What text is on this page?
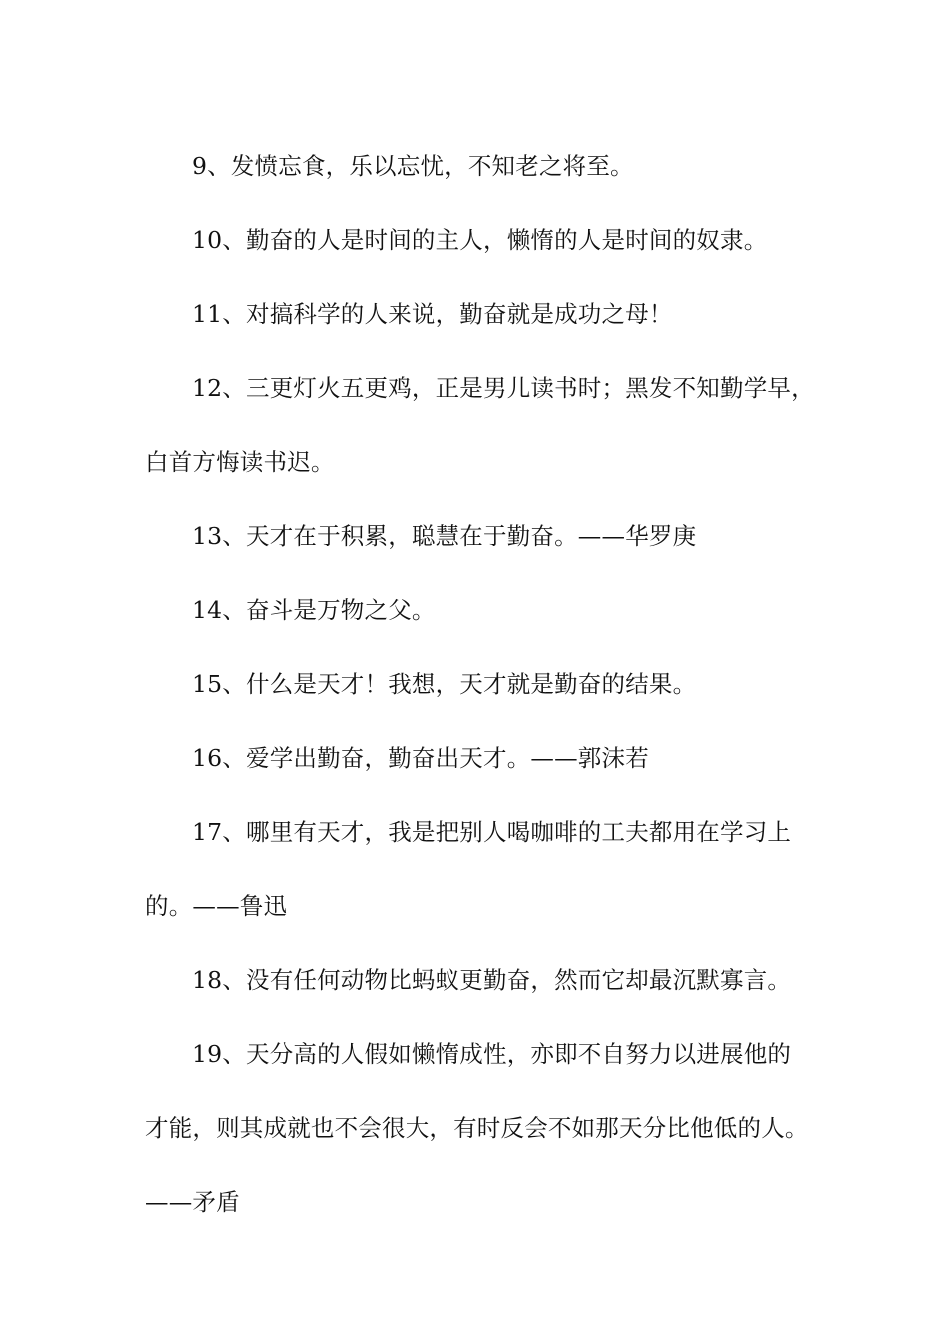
9、发愤忘食，乐以忘忧，不知老之将至。

10、勤奋的人是时间的主人，懒惰的人是时间的奴隶。

11、对搞科学的人来说，勤奋就是成功之母！

12、三更灯火五更鸡，正是男儿读书时；黑发不知勤学早，

白首方悔读书迟。

13、天才在于积累，聪慧在于勤奋。——华罗庚

14、奋斗是万物之父。

15、什么是天才！我想，天才就是勤奋的结果。

16、爱学出勤奋，勤奋出天才。——郭沫若

17、哪里有天才，我是把别人喝咖啡的工夫都用在学习上

的。——鲁迅

18、没有任何动物比蚂蚁更勤奋，然而它却最沉默寡言。

19、天分高的人假如懒惰成性，亦即不自努力以进展他的

才能，则其成就也不会很大，有时反会不如那天分比他低的人。

——矛盾
